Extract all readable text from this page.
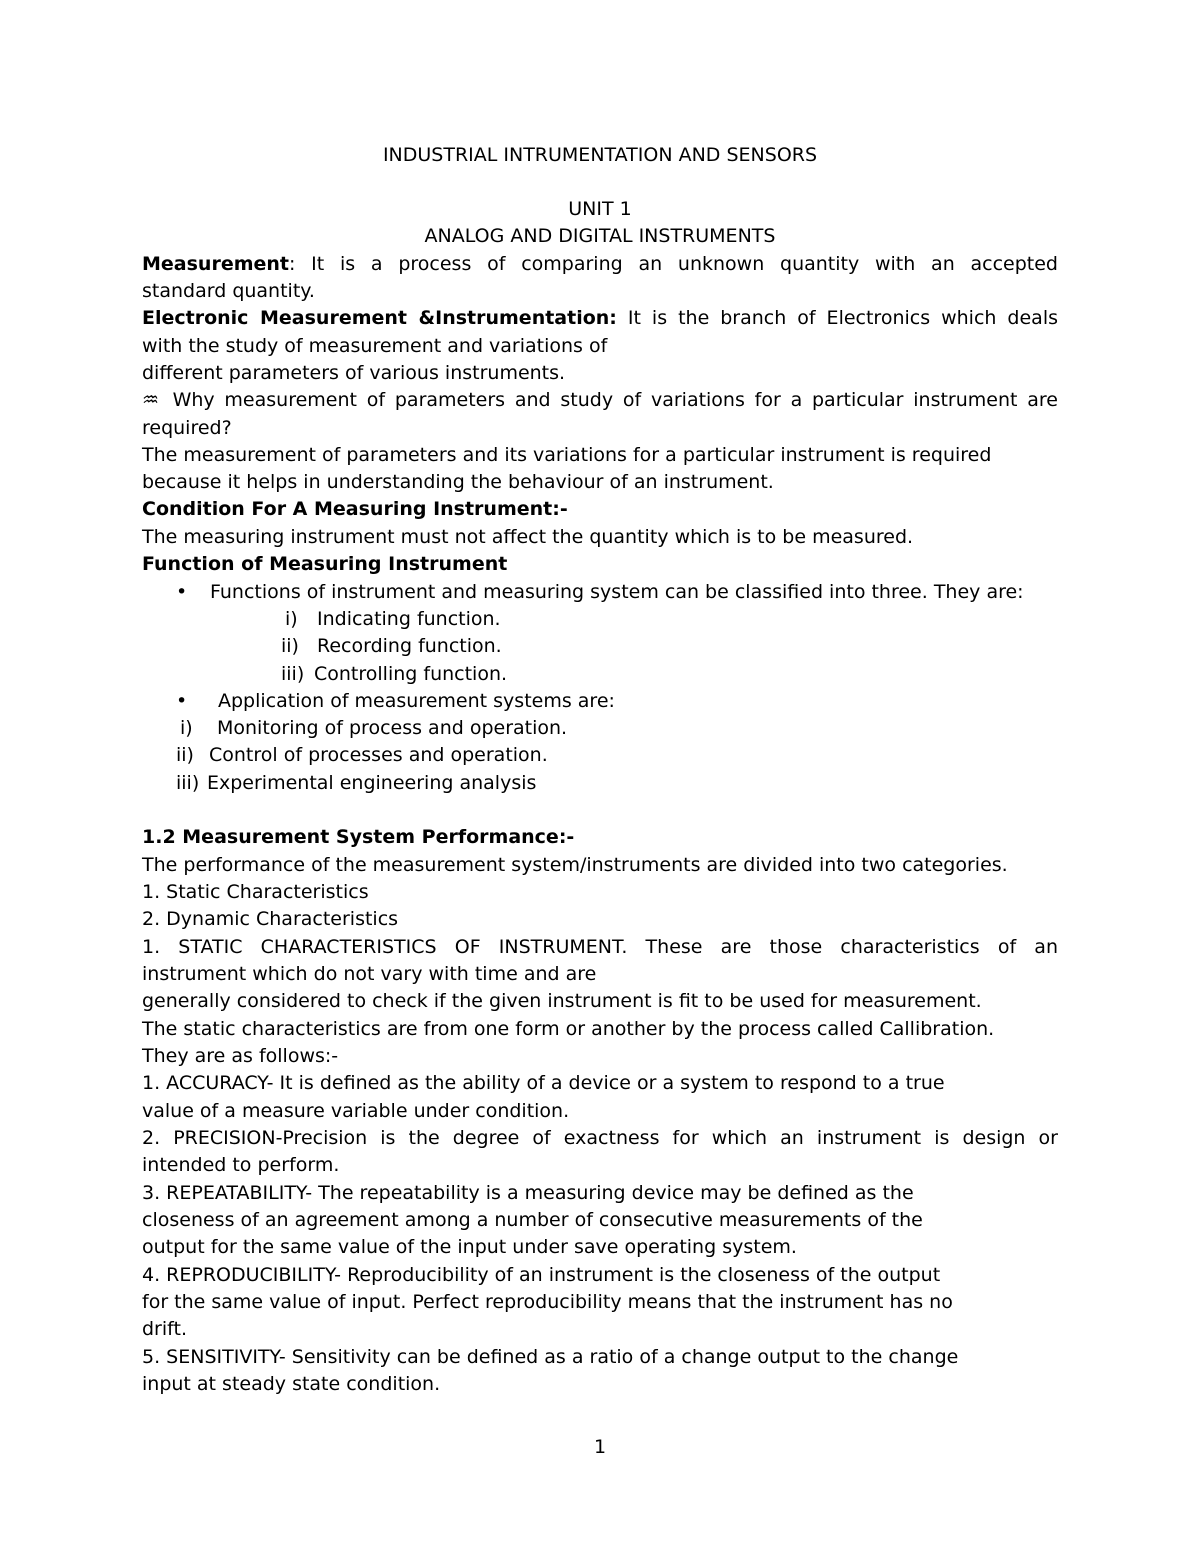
INDUSTRIAL INTRUMENTATION AND SENSORS
UNIT 1
ANALOG AND DIGITAL INSTRUMENTS
Measurement: It is a process of comparing an unknown quantity with an accepted
standard quantity.
Electronic Measurement &Instrumentation: It is the branch of Electronics which deals
with the study of measurement and variations of
different parameters of various instruments.
♒ Why measurement of parameters and study of variations for a particular instrument are
required?
The measurement of parameters and its variations for a particular instrument is required
because it helps in understanding the behaviour of an instrument.
Condition For A Measuring Instrument:-
The measuring instrument must not affect the quantity which is to be measured.
Function of Measuring Instrument
• Functions of instrument and measuring system can be classified into three. They are:
i) Indicating function.
ii) Recording function.
iii) Controlling function.
• Application of measurement systems are:
i) Monitoring of process and operation.
ii) Control of processes and operation.
iii) Experimental engineering analysis
1.2 Measurement System Performance:-
The performance of the measurement system/instruments are divided into two categories.
1. Static Characteristics
2. Dynamic Characteristics
1. STATIC CHARACTERISTICS OF INSTRUMENT. These are those characteristics of an
instrument which do not vary with time and are
generally considered to check if the given instrument is fit to be used for measurement.
The static characteristics are from one form or another by the process called Callibration.
They are as follows:-
1. ACCURACY- It is defined as the ability of a device or a system to respond to a true
value of a measure variable under condition.
2. PRECISION-Precision is the degree of exactness for which an instrument is design or
intended to perform.
3. REPEATABILITY- The repeatability is a measuring device may be defined as the
closeness of an agreement among a number of consecutive measurements of the
output for the same value of the input under save operating system.
4. REPRODUCIBILITY- Reproducibility of an instrument is the closeness of the output
for the same value of input. Perfect reproducibility means that the instrument has no
drift.
5. SENSITIVITY- Sensitivity can be defined as a ratio of a change output to the change
input at steady state condition.
1
